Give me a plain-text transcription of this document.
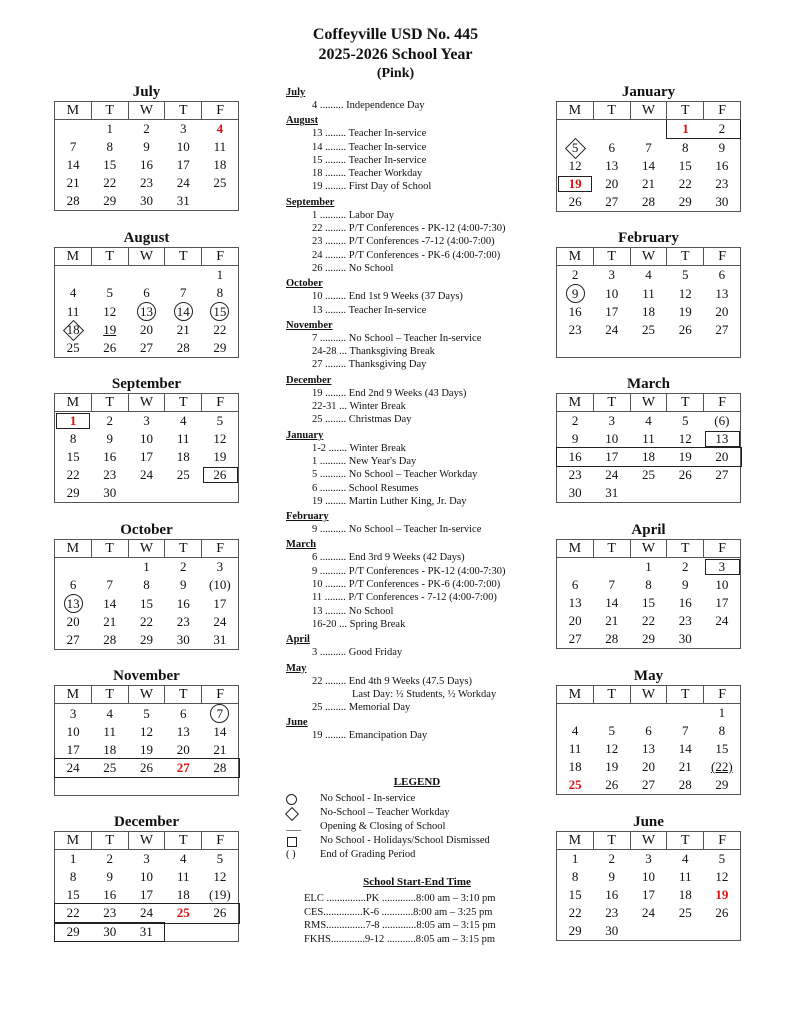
Coffeyville USD No. 445
2025-2026 School Year
(Pink)
July
M	T	W	T	F
	1	2	3	4
7	8	9	10	11
14	15	16	17	18
21	22	23	24	25
28	29	30	31	
August
M	T	W	T	F
				1
4	5	6	7	8
11	12	13	14	15
18	19	20	21	22
25	26	27	28	29
September
M	T	W	T	F
1	2	3	4	5
8	9	10	11	12
15	16	17	18	19
22	23	24	25	26
29	30			
October
M	T	W	T	F
		1	2	3
6	7	8	9	(10)
13	14	15	16	17
20	21	22	23	24
27	28	29	30	31
November
M	T	W	T	F
3	4	5	6	7
10	11	12	13	14
17	18	19	20	21
24	25	26	27	28

December
M	T	W	T	F
1	2	3	4	5
8	9	10	11	12
15	16	17	18	(19)
22	23	24	25	26
29	30	31		
January
M	T	W	T	F
			1	2
5	6	7	8	9
12	13	14	15	16
19	20	21	22	23
26	27	28	29	30
February
M	T	W	T	F
2	3	4	5	6
9	10	11	12	13
16	17	18	19	20
23	24	25	26	27

March
M	T	W	T	F
2	3	4	5	(6)
9	10	11	12	13
16	17	18	19	20
23	24	25	26	27
30	31			
April
M	T	W	T	F
		1	2	3
6	7	8	9	10
13	14	15	16	17
20	21	22	23	24
27	28	29	30	
May
M	T	W	T	F
				1
4	5	6	7	8
11	12	13	14	15
18	19	20	21	(22)
25	26	27	28	29
June
M	T	W	T	F
1	2	3	4	5
8	9	10	11	12
15	16	17	18	19
22	23	24	25	26
29	30			
July
4 ......... Independence Day
August
13 ........ Teacher In-service
14 ........ Teacher In-service
15 ........ Teacher In-service
18 ........ Teacher Workday
19 ........ First Day of School
September
1 .......... Labor Day
22 ........ P/T Conferences - PK-12 (4:00-7:30)
23 ........ P/T Conferences -7-12 (4:00-7:00)
24 ........ P/T Conferences - PK-6 (4:00-7:00)
26 ........ No School
October
10 ........ End 1st 9 Weeks (37 Days)
13 ........ Teacher In-service
November
7 .......... No School – Teacher In-service
24-28 ... Thanksgiving Break
27 ........ Thanksgiving Day
December
19 ........ End 2nd 9 Weeks (43 Days)
22-31 ... Winter Break
25 ........ Christmas Day
January
1-2 ....... Winter Break
1 .......... New Year's Day
5 .......... No School – Teacher Workday
6 .......... School Resumes
19 ........ Martin Luther King, Jr. Day
February
9 .......... No School – Teacher In-service
March
6 .......... End 3rd 9 Weeks (42 Days)
9 .......... P/T Conferences - PK-12 (4:00-7:30)
10 ........ P/T Conferences - PK-6 (4:00-7:00)
11 ........ P/T Conferences - 7-12 (4:00-7:00)
13 ........ No School
16-20 ... Spring Break
April
3 .......... Good Friday
May
22 ........ End 4th 9 Weeks (47.5 Days)
Last Day: ½ Students, ½ Workday
25 ........ Memorial Day
June
19 ........ Emancipation Day
LEGEND
No School - In-service
No-School – Teacher Workday
___ Opening & Closing of School
No School - Holidays/School Dismissed
( ) End of Grading Period
School Start-End Time
ELC ...............PK .............8:00 am – 3:10 pm
CES...............K-6 ............8:00 am – 3:25 pm
RMS...............7-8 .............8:05 am – 3:15 pm
FKHS.............9-12 ...........8:05 am – 3:15 pm
